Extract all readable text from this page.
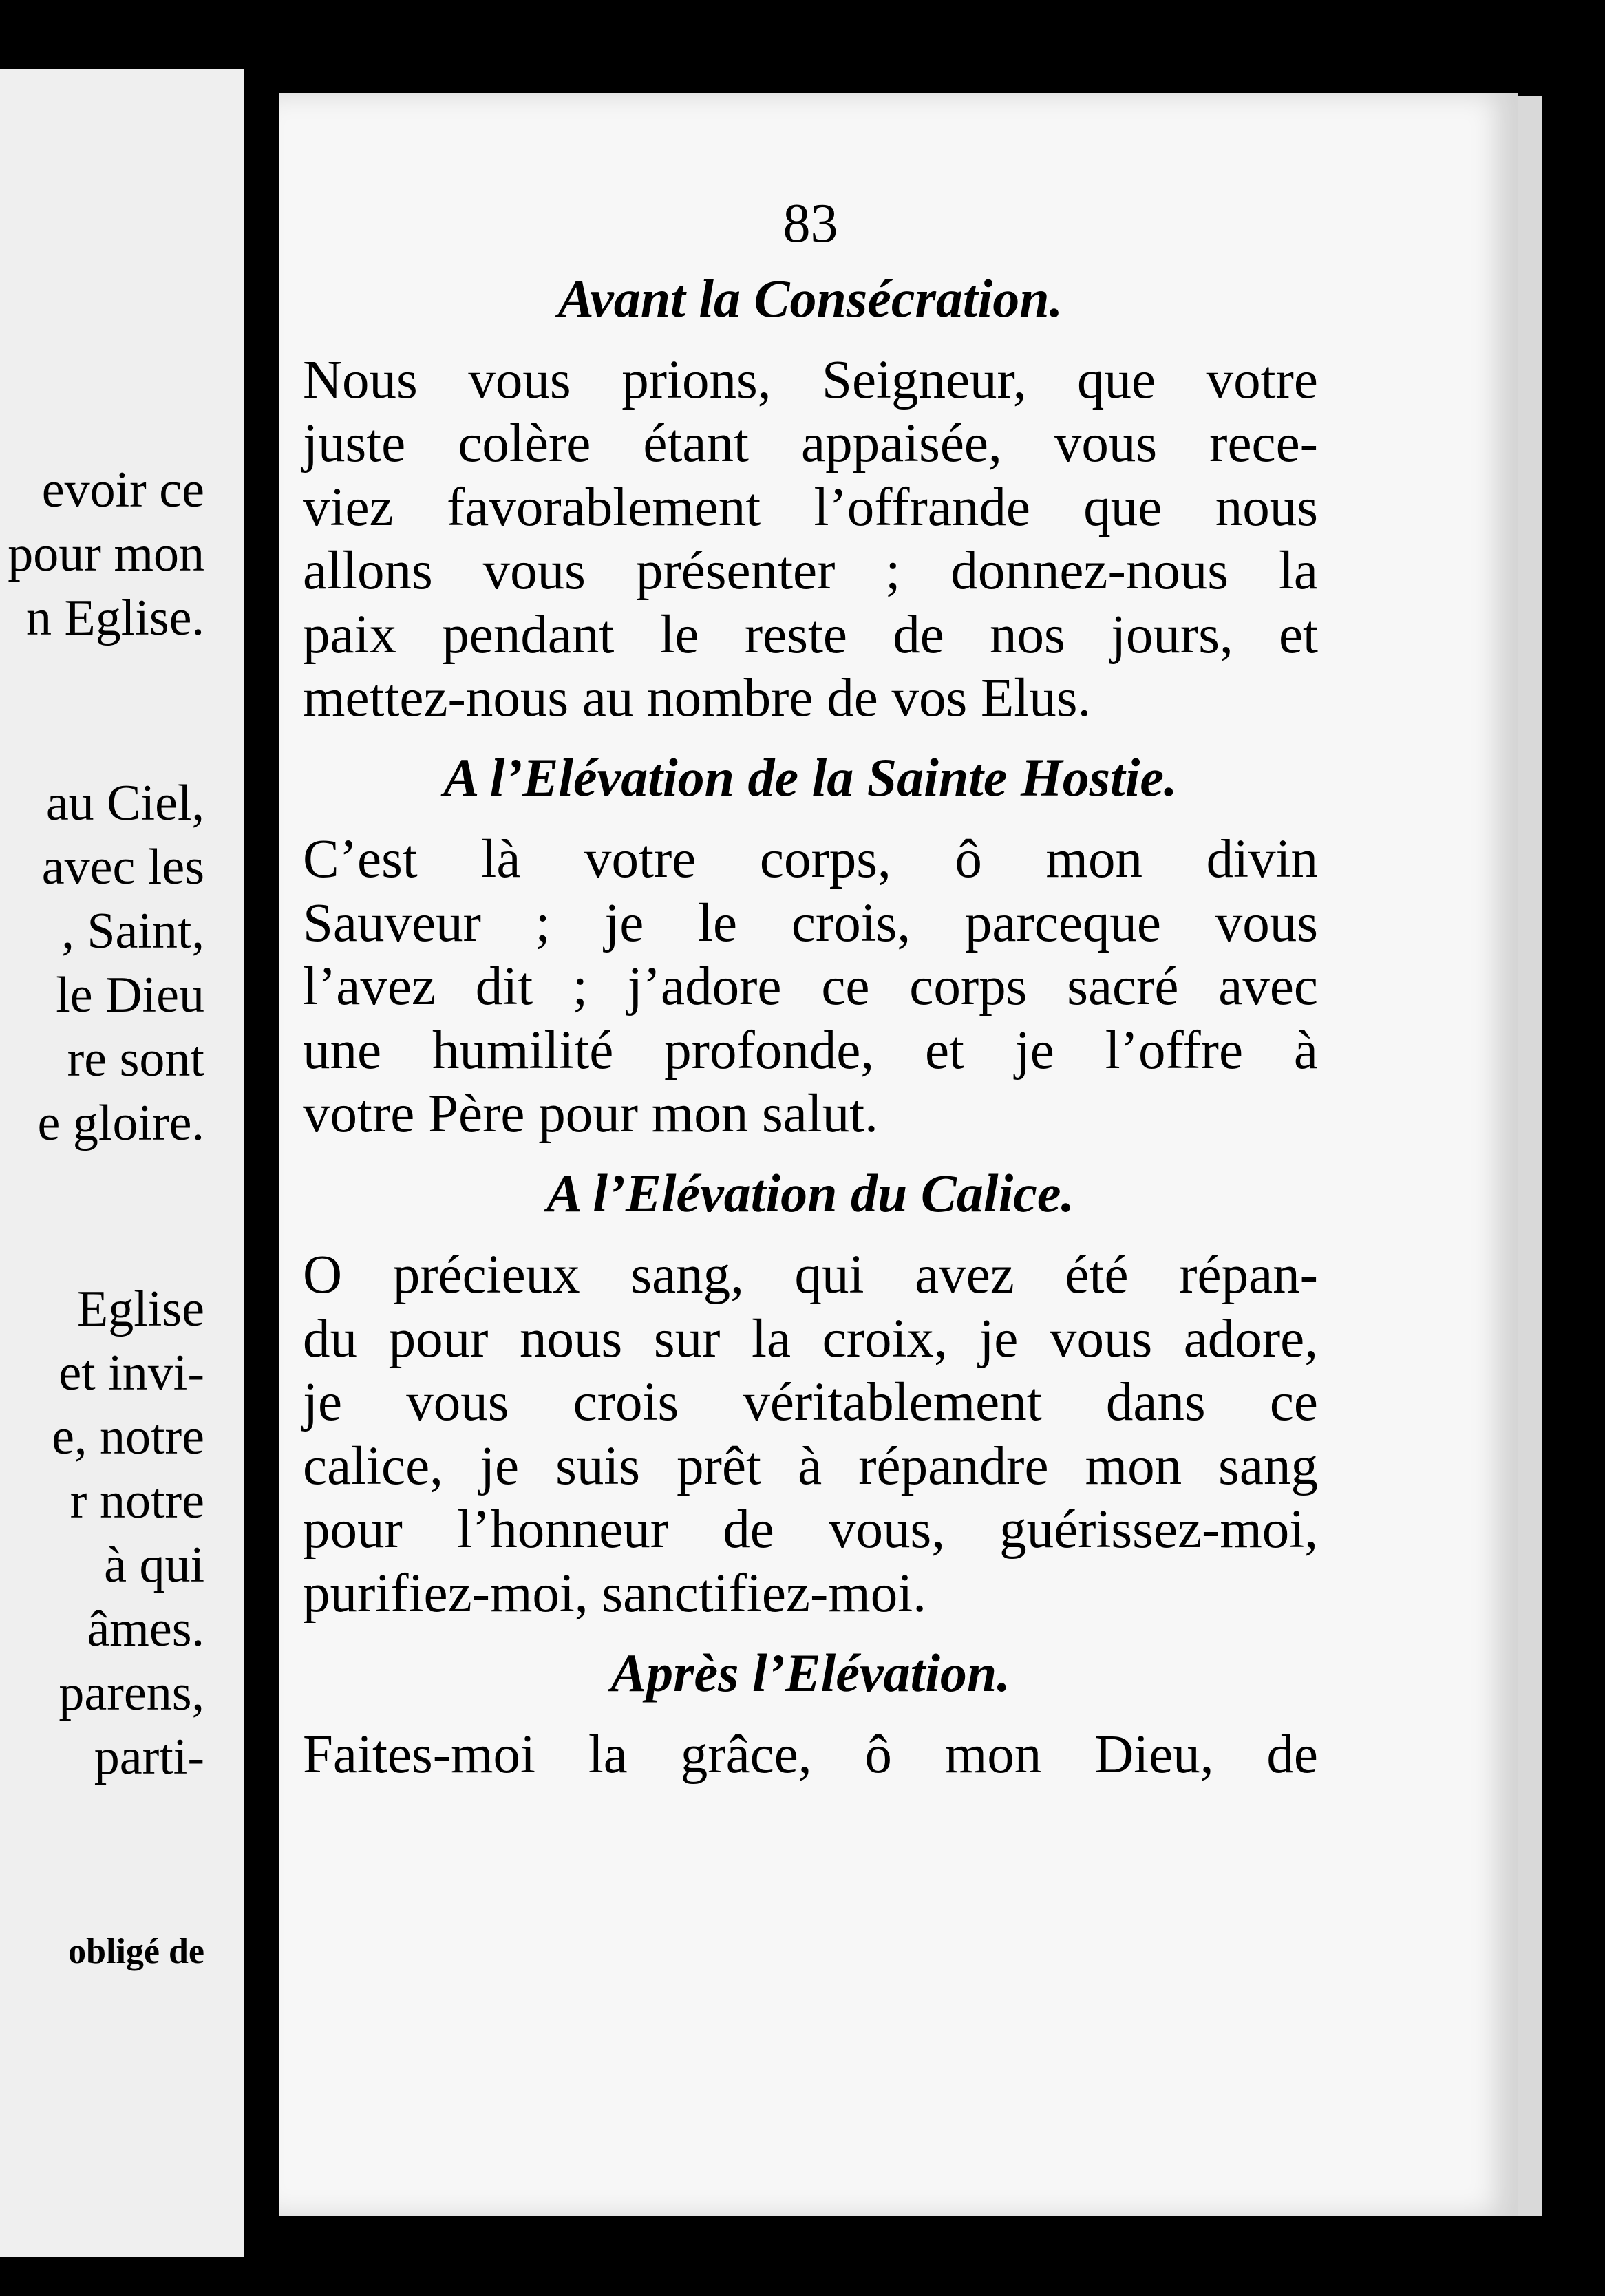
evoir ce

pour mon

n Eglise.

au Ciel,

avec les

, Saint,

le Dieu

re sont

e gloire.

Eglise

et invi-

e, notre

r notre

à qui

âmes.

parens,

parti-

obligé de

83

Avant la Consécration.

Nous vous prions, Seigneur, que votre
juste colère étant appaisée, vous rece-
viez favorablement l’offrande que nous
allons vous présenter ; donnez-nous la
paix pendant le reste de nos jours, et
mettez-nous au nombre de vos Elus.

A l’Elévation de la Sainte Hostie.

C’est là votre corps, ô mon divin
Sauveur ; je le crois, parceque vous
l’avez dit ; j’adore ce corps sacré avec
une humilité profonde, et je l’offre à
votre Père pour mon salut.

A l’Elévation du Calice.

O précieux sang, qui avez été répan-
du pour nous sur la croix, je vous adore,
je vous crois véritablement dans ce
calice, je suis prêt à répandre mon sang
pour l’honneur de vous, guérissez-moi,
purifiez-moi, sanctifiez-moi.

Après l’Elévation.

Faites-moi la grâce, ô mon Dieu, de
